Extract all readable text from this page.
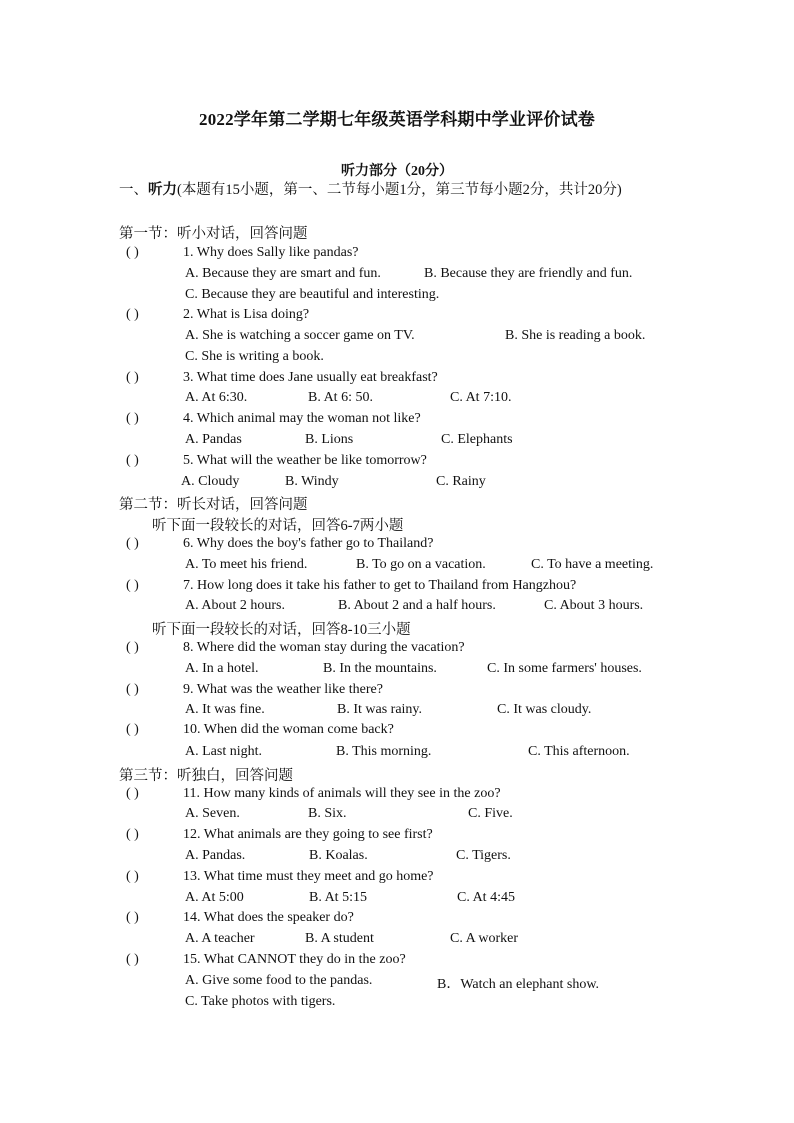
2022学年第二学期七年级英语学科期中学业评价试卷
听力部分（20分）
一、听力(本题有15小题，第一、二节每小题1分，第三节每小题2分，共计20分)
第一节：听小对话，回答问题
( )	1. Why does Sally like pandas?
A. Because they are smart and fun.	B. Because they are friendly and fun.
C. Because they are beautiful and interesting.
( )	2. What is Lisa doing?
A. She is watching a soccer game on TV.	B. She is reading a book.
C. She is writing a book.
( )	3. What time does Jane usually eat breakfast?
A. At 6:30.	B. At 6: 50.	C. At 7:10.
( )	4. Which animal may the woman not like?
A. Pandas	B. Lions	C. Elephants
( )	5. What will the weather be like tomorrow?
A. Cloudy	B. Windy	C. Rainy
第二节：听长对话，回答问题
听下面一段较长的对话，回答6-7两小题
( )	6. Why does the boy's father go to Thailand?
A. To meet his friend.	B. To go on a vacation.	C. To have a meeting.
( )	7. How long does it take his father to get to Thailand from Hangzhou?
A. About 2 hours.	B. About 2 and a half hours.	C. About 3 hours.
听下面一段较长的对话，回答8-10三小题
( )	8. Where did the woman stay during the vacation?
A. In a hotel.	B. In the mountains.	C. In some farmers' houses.
( )	9. What was the weather like there?
A. It was fine.	B. It was rainy.	C. It was cloudy.
( )	10. When did the woman come back?
A. Last night.	B. This morning.	C. This afternoon.
第三节：听独白，回答问题
( )	11. How many kinds of animals will they see in the zoo?
A. Seven.	B. Six.	C. Five.
( )	12. What animals are they going to see first?
A. Pandas.	B. Koalas.	C. Tigers.
( )	13. What time must they meet and go home?
A. At 5:00	B. At 5:15	C. At 4:45
( )	14. What does the speaker do?
A. A teacher	B. A student	C. A worker
( )	15. What CANNOT they do in the zoo?
A. Give some food to the pandas.	B．Watch an elephant show.
C. Take photos with tigers.
